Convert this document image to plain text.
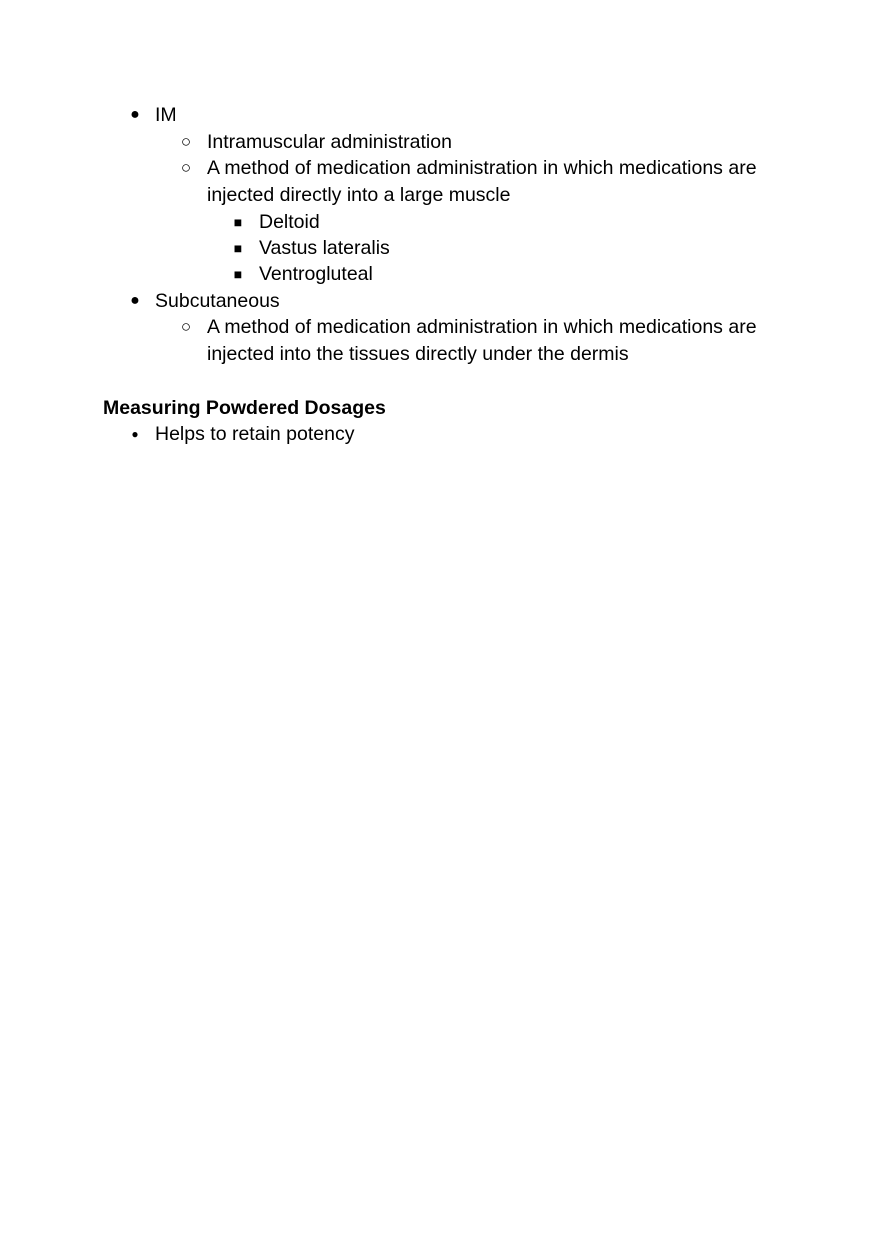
● IM

○ Intramuscular administration

○ A method of medication administration in which medications are

injected directly into a large muscle

■ Deltoid

■ Vastus lateralis

■ Ventrogluteal

● Subcutaneous

○ A method of medication administration in which medications are

injected into the tissues directly under the dermis

Measuring Powdered Dosages
● Helps to retain potency
